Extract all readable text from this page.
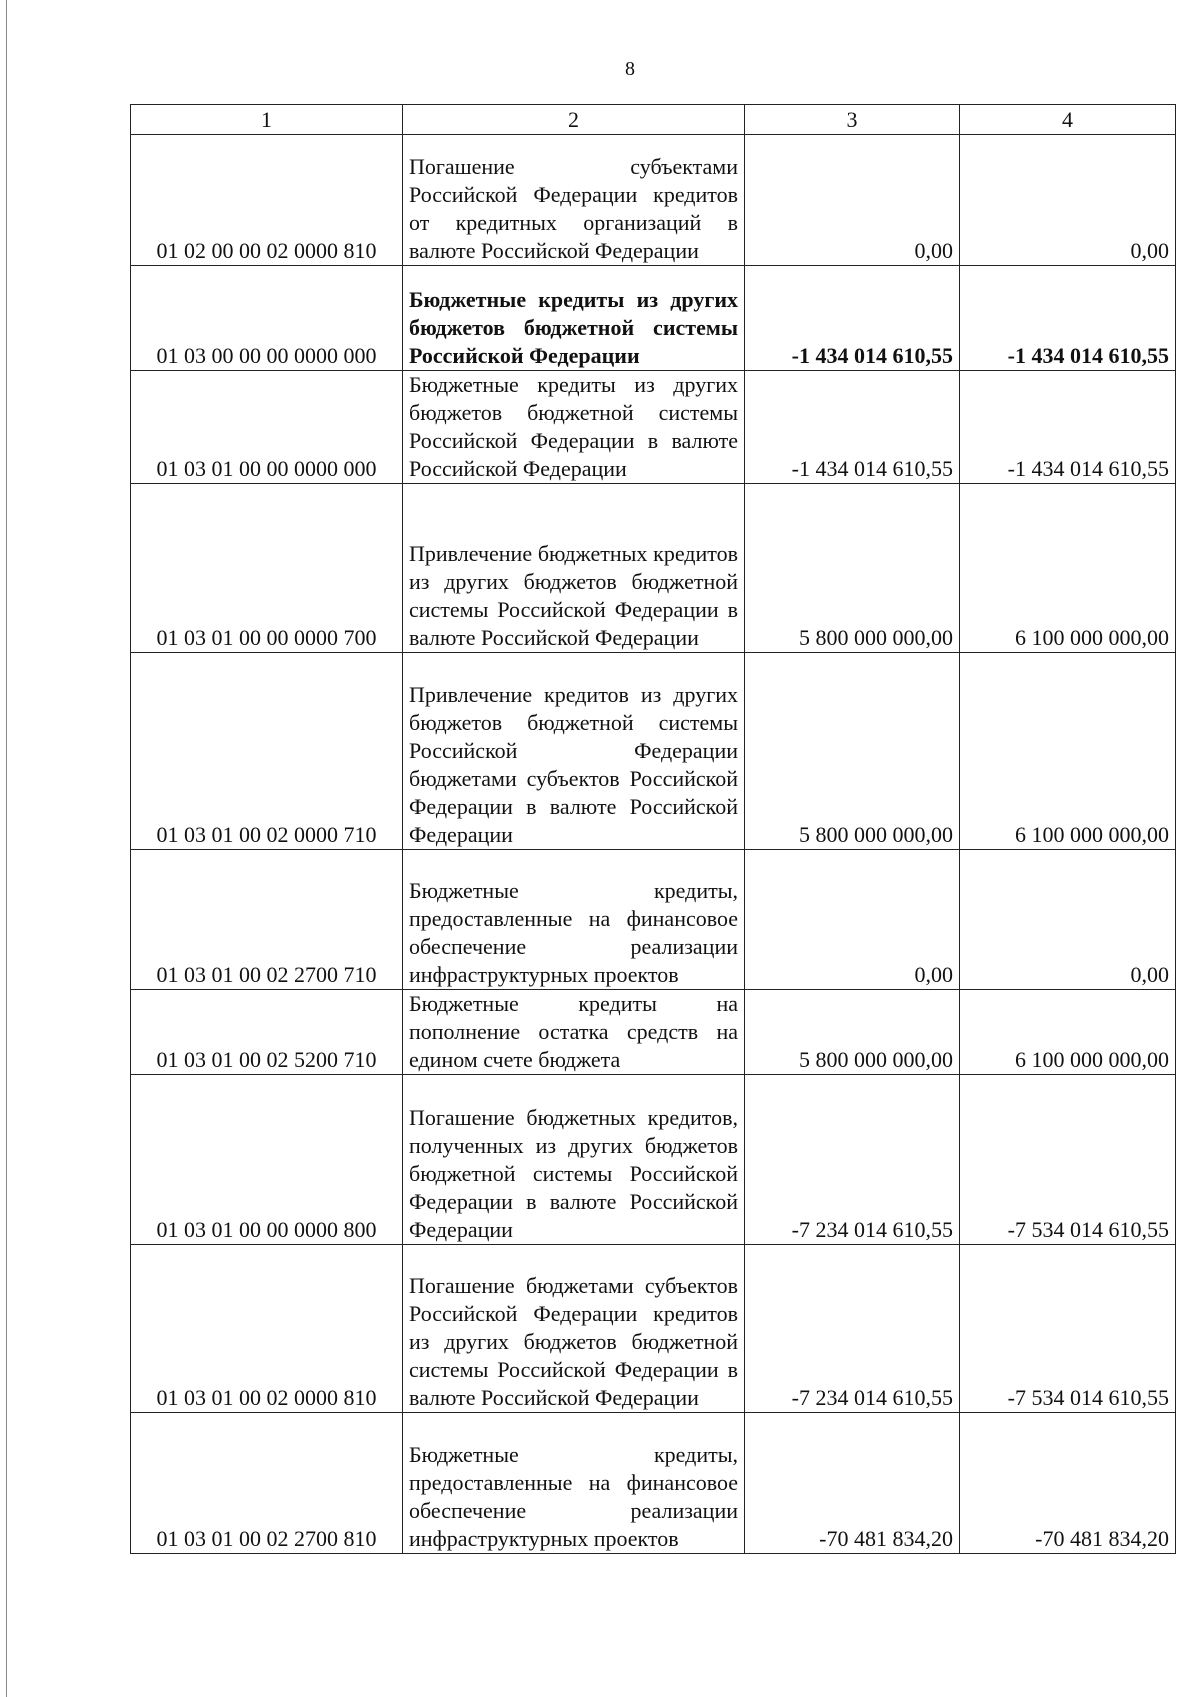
8
1	2	3	4
01 02 00 00 02 0000 810	Погашение субъектами Российской Федерации кредитов от кредитных организаций в валюте Российской Федерации	0,00	0,00
01 03 00 00 00 0000 000	Бюджетные кредиты из других бюджетов бюджетной системы Российской Федерации	-1 434 014 610,55	-1 434 014 610,55
01 03 01 00 00 0000 000	Бюджетные кредиты из других бюджетов бюджетной системы Российской Федерации в валюте Российской Федерации	-1 434 014 610,55	-1 434 014 610,55
01 03 01 00 00 0000 700	Привлечение бюджетных кредитов из других бюджетов бюджетной системы Российской Федерации в валюте Российской Федерации	5 800 000 000,00	6 100 000 000,00
01 03 01 00 02 0000 710	Привлечение кредитов из других бюджетов бюджетной системы Российской Федерации бюджетами субъектов Российской Федерации в валюте Российской Федерации	5 800 000 000,00	6 100 000 000,00
01 03 01 00 02 2700 710	Бюджетные кредиты, предоставленные на финансовое обеспечение реализации инфраструктурных проектов	0,00	0,00
01 03 01 00 02 5200 710	Бюджетные кредиты на пополнение остатка средств на едином счете бюджета	5 800 000 000,00	6 100 000 000,00
01 03 01 00 00 0000 800	Погашение бюджетных кредитов, полученных из других бюджетов бюджетной системы Российской Федерации в валюте Российской Федерации	-7 234 014 610,55	-7 534 014 610,55
01 03 01 00 02 0000 810	Погашение бюджетами субъектов Российской Федерации кредитов из других бюджетов бюджетной системы Российской Федерации в валюте Российской Федерации	-7 234 014 610,55	-7 534 014 610,55
01 03 01 00 02 2700 810	Бюджетные кредиты, предоставленные на финансовое обеспечение реализации инфраструктурных проектов	-70 481 834,20	-70 481 834,20
